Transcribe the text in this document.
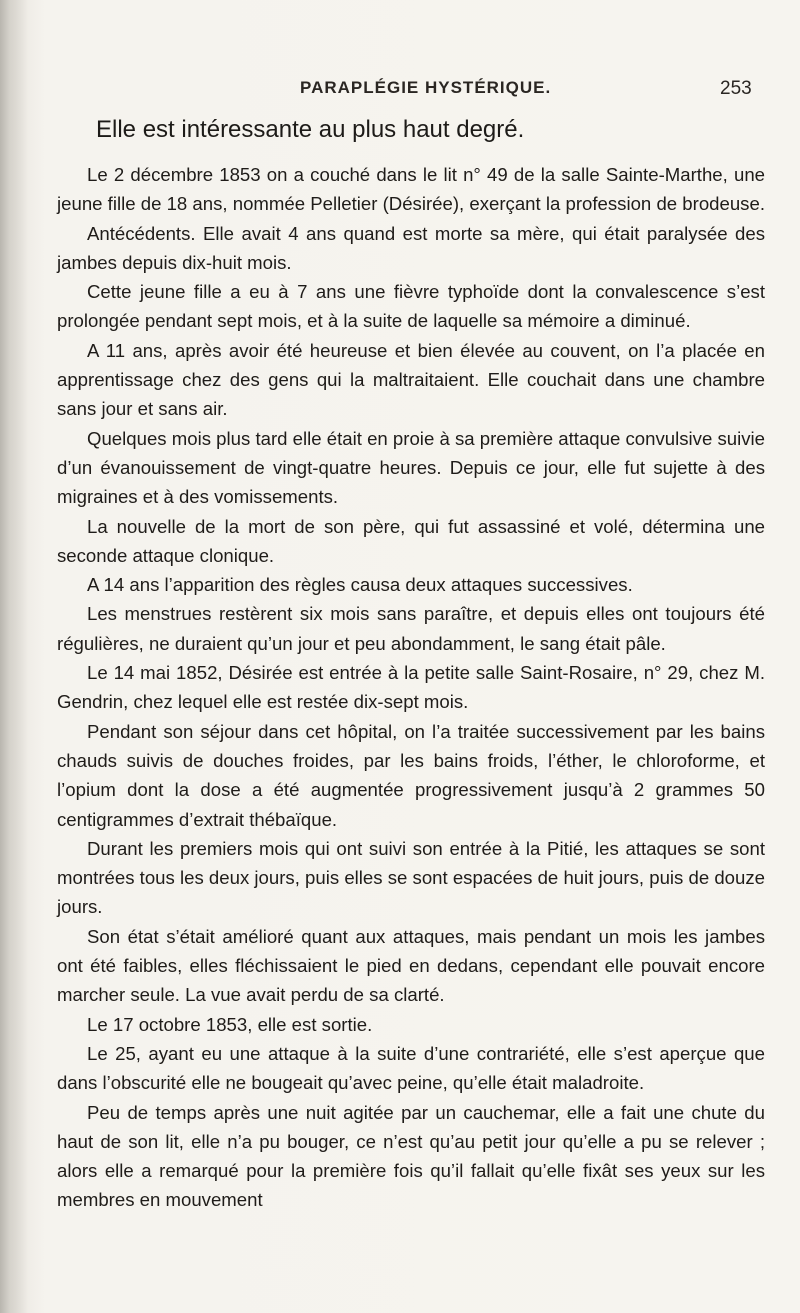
PARAPLÉGIE HYSTÉRIQUE.	253
Elle est intéressante au plus haut degré.

Le 2 décembre 1853 on a couché dans le lit n° 49 de la salle Sainte-Marthe, une jeune fille de 18 ans, nommée Pelletier (Désirée), exerçant la profession de brodeuse.

Antécédents. Elle avait 4 ans quand est morte sa mère, qui était paralysée des jambes depuis dix-huit mois.

Cette jeune fille a eu à 7 ans une fièvre typhoïde dont la convalescence s’est prolongée pendant sept mois, et à la suite de laquelle sa mémoire a diminué.

A 11 ans, après avoir été heureuse et bien élevée au couvent, on l’a placée en apprentissage chez des gens qui la maltraitaient. Elle couchait dans une chambre sans jour et sans air.

Quelques mois plus tard elle était en proie à sa première attaque convulsive suivie d’un évanouissement de vingt-quatre heures. Depuis ce jour, elle fut sujette à des migraines et à des vomissements.

La nouvelle de la mort de son père, qui fut assassiné et volé, détermina une seconde attaque clonique.

A 14 ans l’apparition des règles causa deux attaques successives.

Les menstrues restèrent six mois sans paraître, et depuis elles ont toujours été régulières, ne duraient qu’un jour et peu abondamment, le sang était pâle.

Le 14 mai 1852, Désirée est entrée à la petite salle Saint-Rosaire, n° 29, chez M. Gendrin, chez lequel elle est restée dix-sept mois.

Pendant son séjour dans cet hôpital, on l’a traitée successivement par les bains chauds suivis de douches froides, par les bains froids, l’éther, le chloroforme, et l’opium dont la dose a été augmentée progressivement jusqu’à 2 grammes 50 centigrammes d’extrait thébaïque.

Durant les premiers mois qui ont suivi son entrée à la Pitié, les attaques se sont montrées tous les deux jours, puis elles se sont espacées de huit jours, puis de douze jours.

Son état s’était amélioré quant aux attaques, mais pendant un mois les jambes ont été faibles, elles fléchissaient le pied en dedans, cependant elle pouvait encore marcher seule. La vue avait perdu de sa clarté.

Le 17 octobre 1853, elle est sortie.

Le 25, ayant eu une attaque à la suite d’une contrariété, elle s’est aperçue que dans l’obscurité elle ne bougeait qu’avec peine, qu’elle était maladroite.

Peu de temps après une nuit agitée par un cauchemar, elle a fait une chute du haut de son lit, elle n’a pu bouger, ce n’est qu’au petit jour qu’elle a pu se relever ; alors elle a remarqué pour la première fois qu’il fallait qu’elle fixât ses yeux sur les membres en mouvement
